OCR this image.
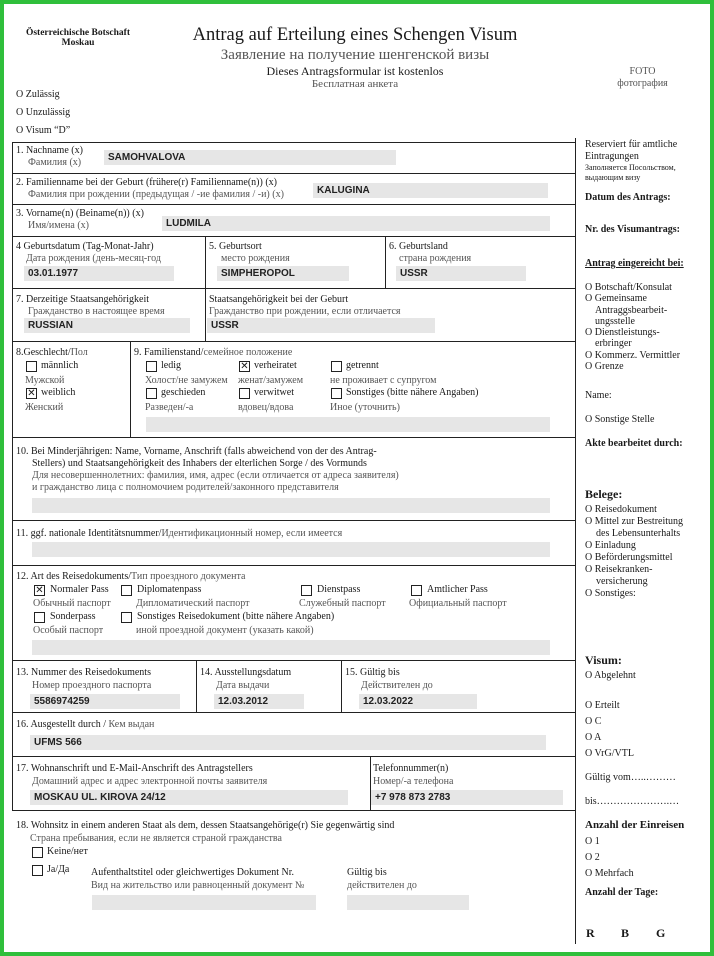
Österreichische Botschaft
Moskau	Antrag auf Erteilung eines Schengen Visum
Заявление на получение шенгенской визы
Dieses Antragsformular ist kostenlos
Бесплатная анкета
FOTO
фотография
O Zulässig
O Unzulässig
O Visum “D”
1. Nachname (x)
Фамилия (x)	SAMOHVALOVA
2. Familienname bei der Geburt (frühere(r) Familienname(n)) (x)
Фамилия при рождении (предыдущая / -ие фамилия / -и) (x)	KALUGINA
3. Vorname(n) (Beiname(n)) (x)
Имя/имена (x)	LUDMILA
4 Geburtsdatum (Tag-Monat-Jahr)
Дата рождения (день-месяц-год
03.01.1977
5. Geburtsort
место рождения
SIMPHEROPOL
6. Geburtsland
страна рождения
USSR
7. Derzeitige Staatsangehörigkeit
Гражданство в настоящее время
RUSSIAN
Staatsangehörigkeit bei der Geburt
Гражданство при рождении, если отличается
USSR
8.Geschlecht/Пол
männlich
Мужской
✕ weiblich
Женский
9. Familienstand/семейное положение
ledig
Холост/не замужем
✕ verheiratet
женат/замужем
getrennt
не проживает с супругом
geschieden
Разведен/-а
verwitwet
вдовец/вдова
Sonstiges (bitte nähere Angaben)
Иное (уточнить)
10. Bei Minderjährigen: Name, Vorname, Anschrift (falls abweichend von der des Antrag-
Stellers) und Staatsangehörigkeit des Inhabers der elterlichen Sorge / des Vormunds
Для несовершеннолетних: фамилия, имя, адрес (если отличается от адреса заявителя)
и гражданство лица с полномочием родителей/законного представителя
11. ggf. nationale Identitätsnummer/Идентификационный номер, если имеется
12. Art des Reisedokuments/Тип проездного документа
✕ Normaler Pass
Обычный паспорт
Diplomatenpass
Дипломатический паспорт
Dienstpass
Служебный паспорт
Amtlicher Pass
Официальный паспорт
Sonderpass
Особый паспорт
Sonstiges Reisedokument (bitte nähere Angaben)
иной проездной документ (указать какой)
13. Nummer des Reisedokuments
Номер проездного паспорта
5586974259
14. Ausstellungsdatum
Дата выдачи
12.03.2012
15. Gültig bis
Действителен до
12.03.2022
16. Ausgestellt durch / Кем выдан
UFMS 566
17. Wohnanschrift und E-Mail-Anschrift des Antragstellers
Домашний адрес и адрес электронной почты заявителя
MOSKAU UL. KIROVA 24/12
Telefonnummer(n)
Номер/-а телефона
+7 978 873 2783
18. Wohnsitz in einem anderen Staat als dem, dessen Staatsangehörige(r) Sie gegenwärtig sind
Страна пребывания, если не является страной гражданства
Keine/нет
Ja/Да Aufenthaltstitel oder gleichwertiges Dokument Nr.
Вид на жительство или равноценный документ №
Gültig bis
действителен до
Reserviert für amtliche Eintragungen
Заполняется Посольством, выдающим визу
Datum des Antrags:
Nr. des Visumantrags:
Antrag eingereicht bei:
O Botschaft/Konsulat
O Gemeinsame
Antraggsbearbeit-
ungsstelle
O Dienstleistungs-
erbringer
O Kommerz. Vermittler
O Grenze
Name:
O Sonstige Stelle
Akte bearbeitet durch:
Belege:
O Reisedokument
O Mittel zur Bestreitung
des Lebensunterhalts
O Einladung
O Beförderungsmittel
O Reisekranken-
versicherung
O Sonstiges:
Visum:
O Abgelehnt
O Erteilt
O C
O A
O VrG/VTL
Gültig vom…..………
bis………………….…
Anzahl der Einreisen
O 1
O 2
O Mehrfach
Anzahl der Tage:
R B G
